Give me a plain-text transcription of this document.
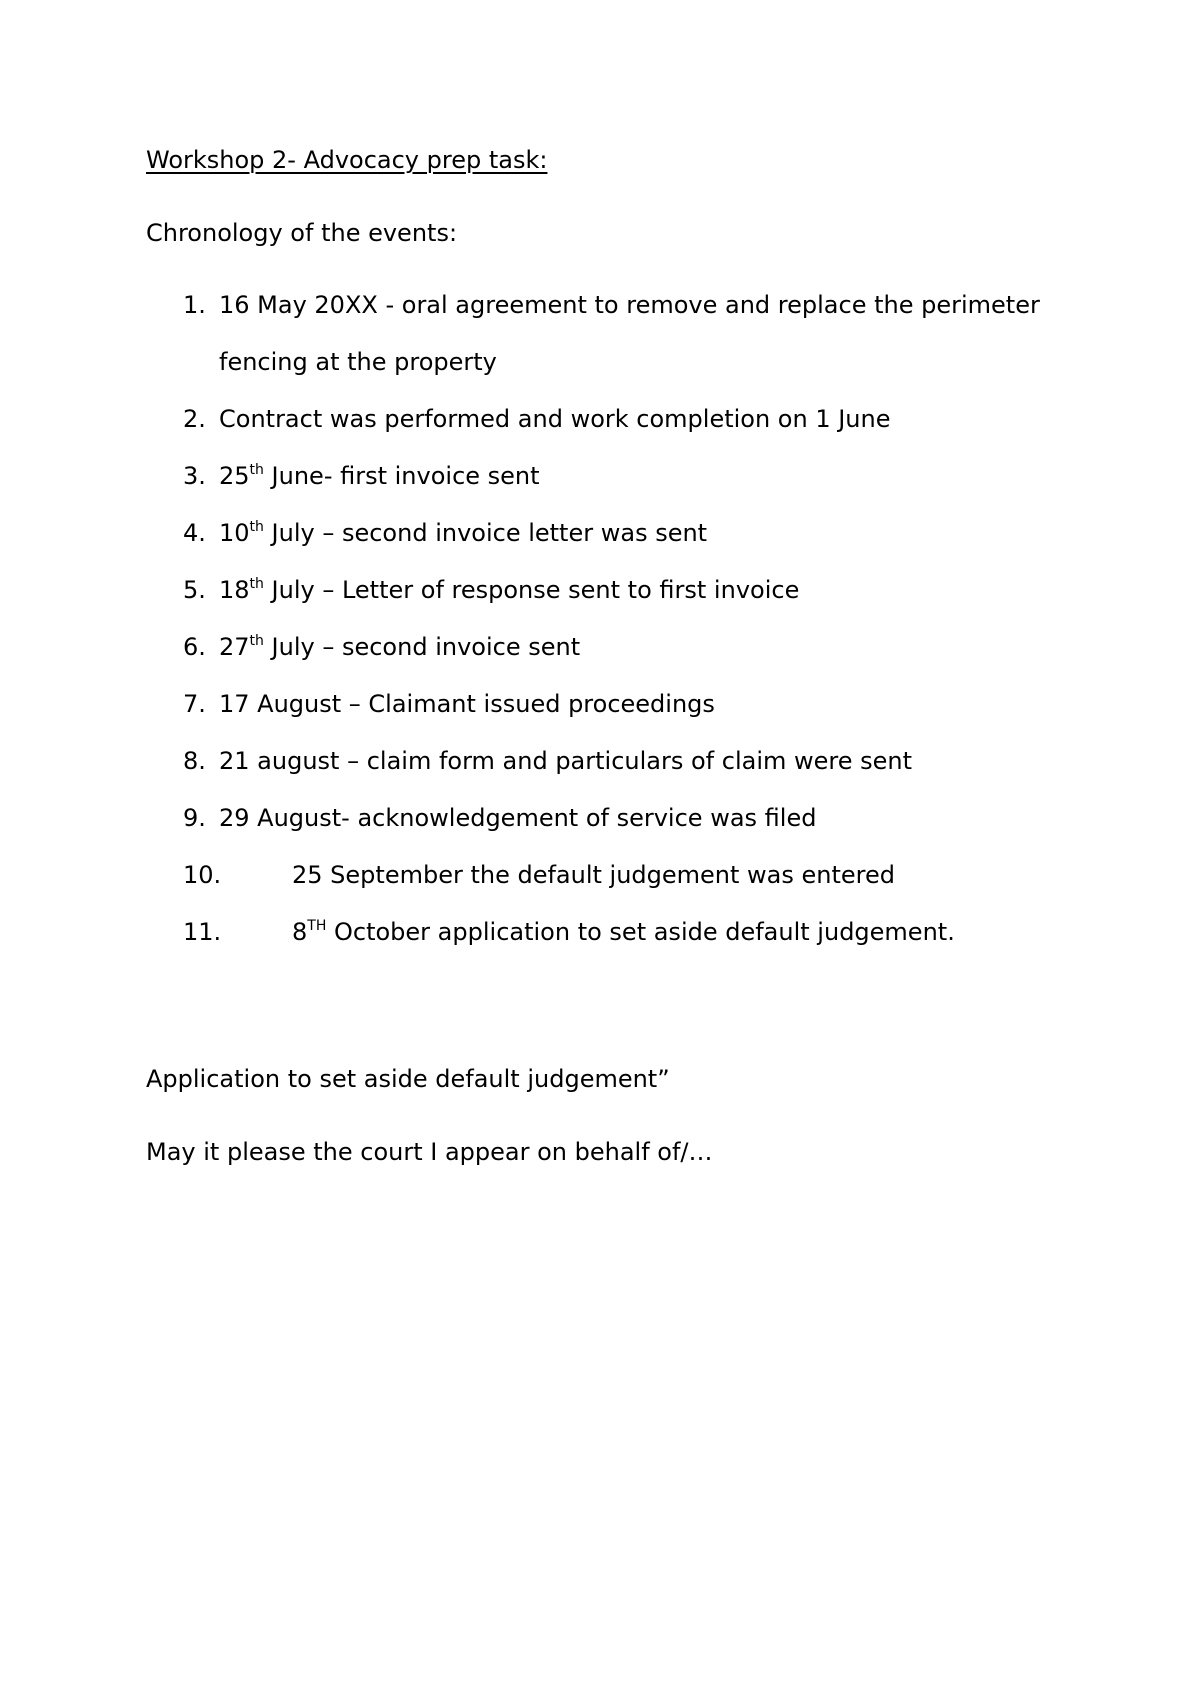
Workshop 2- Advocacy prep task:
Chronology of the events:
1. 16 May 20XX - oral agreement to remove and replace the perimeter
fencing at the property
2. Contract was performed and work completion on 1 June
3. 25th June- first invoice sent
4. 10th July – second invoice letter was sent
5. 18th July – Letter of response sent to first invoice
6. 27th July – second invoice sent
7. 17 August – Claimant issued proceedings
8. 21 august – claim form and particulars of claim were sent
9. 29 August- acknowledgement of service was filed
10.	25 September the default judgement was entered
11.	8TH October application to set aside default judgement.
Application to set aside default judgement”
May it please the court I appear on behalf of/…
